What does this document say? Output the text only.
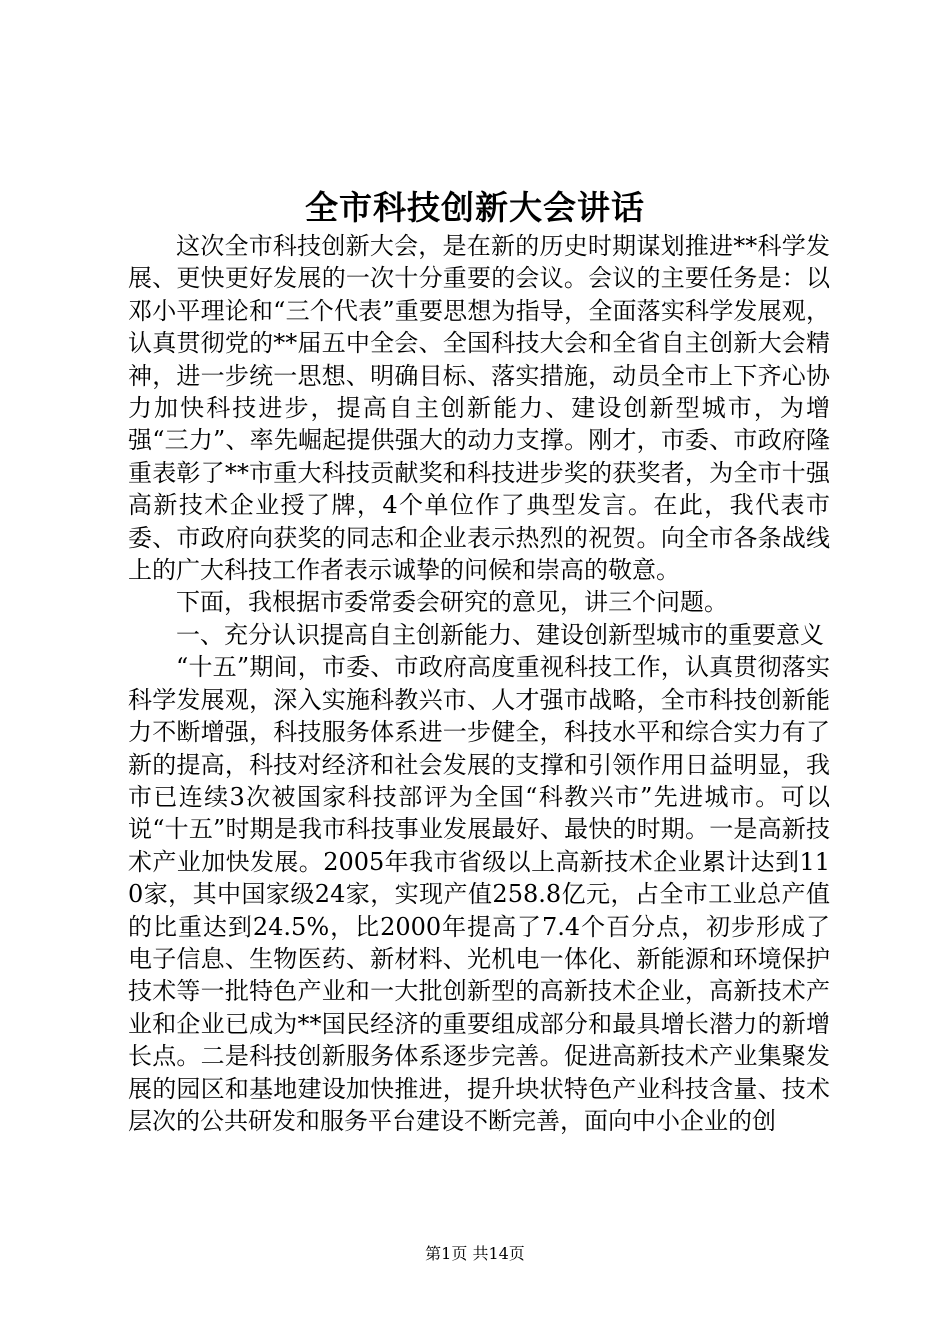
全市科技创新大会讲话

这次全市科技创新大会，是在新的历史时期谋划推进**科学发展、更快更好发展的一次十分重要的会议。会议的主要任务是：以邓小平理论和“三个代表”重要思想为指导，全面落实科学发展观，认真贯彻党的**届五中全会、全国科技大会和全省自主创新大会精神，进一步统一思想、明确目标、落实措施，动员全市上下齐心协力加快科技进步，提高自主创新能力、建设创新型城市，为增强“三力”、率先崛起提供强大的动力支撑。刚才，市委、市政府隆重表彰了**市重大科技贡献奖和科技进步奖的获奖者，为全市十强高新技术企业授了牌，4个单位作了典型发言。在此，我代表市委、市政府向获奖的同志和企业表示热烈的祝贺。向全市各条战线上的广大科技工作者表示诚挚的问候和崇高的敬意。

下面，我根据市委常委会研究的意见，讲三个问题。

一、充分认识提高自主创新能力、建设创新型城市的重要意义

“十五”期间，市委、市政府高度重视科技工作，认真贯彻落实科学发展观，深入实施科教兴市、人才强市战略，全市科技创新能力不断增强，科技服务体系进一步健全，科技水平和综合实力有了新的提高，科技对经济和社会发展的支撑和引领作用日益明显，我市已连续3次被国家科技部评为全国“科教兴市”先进城市。可以说“十五”时期是我市科技事业发展最好、最快的时期。一是高新技术产业加快发展。2005年我市省级以上高新技术企业累计达到110家，其中国家级24家，实现产值258.8亿元，占全市工业总产值的比重达到24.5%，比2000年提高了7.4个百分点，初步形成了电子信息、生物医药、新材料、光机电一体化、新能源和环境保护技术等一批特色产业和一大批创新型的高新技术企业，高新技术产业和企业已成为**国民经济的重要组成部分和最具增长潜力的新增长点。二是科技创新服务体系逐步完善。促进高新技术产业集聚发展的园区和基地建设加快推进，提升块状特色产业科技含量、技术层次的公共研发和服务平台建设不断完善，面向中小企业的创

第1页 共14页
